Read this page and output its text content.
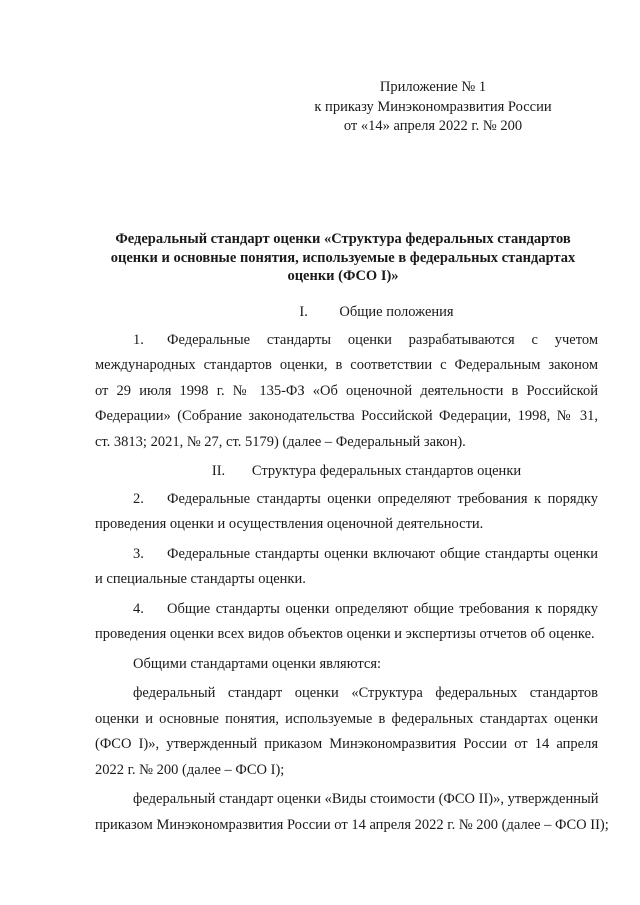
Приложение № 1
к приказу Минэкономразвития России
от «14» апреля 2022 г. № 200
Федеральный стандарт оценки «Структура федеральных стандартов
оценки и основные понятия, используемые в федеральных стандартах
оценки (ФСО I)»
I. Общие положения
1. Федеральные стандарты оценки разрабатываются с учетом
международных стандартов оценки, в соответствии с Федеральным законом
от 29 июля 1998 г. № 135-ФЗ «Об оценочной деятельности в Российской
Федерации» (Собрание законодательства Российской Федерации, 1998, № 31,
ст. 3813; 2021, № 27, ст. 5179) (далее – Федеральный закон).
II. Структура федеральных стандартов оценки
2. Федеральные стандарты оценки определяют требования к порядку
проведения оценки и осуществления оценочной деятельности.
3. Федеральные стандарты оценки включают общие стандарты оценки
и специальные стандарты оценки.
4. Общие стандарты оценки определяют общие требования к порядку
проведения оценки всех видов объектов оценки и экспертизы отчетов об оценке.
Общими стандартами оценки являются:
федеральный стандарт оценки «Структура федеральных стандартов
оценки и основные понятия, используемые в федеральных стандартах оценки
(ФСО I)», утвержденный приказом Минэкономразвития России от 14 апреля
2022 г. № 200 (далее – ФСО I);
федеральный стандарт оценки «Виды стоимости (ФСО II)», утвержденный
приказом Минэкономразвития России от 14 апреля 2022 г. № 200 (далее – ФСО II);
